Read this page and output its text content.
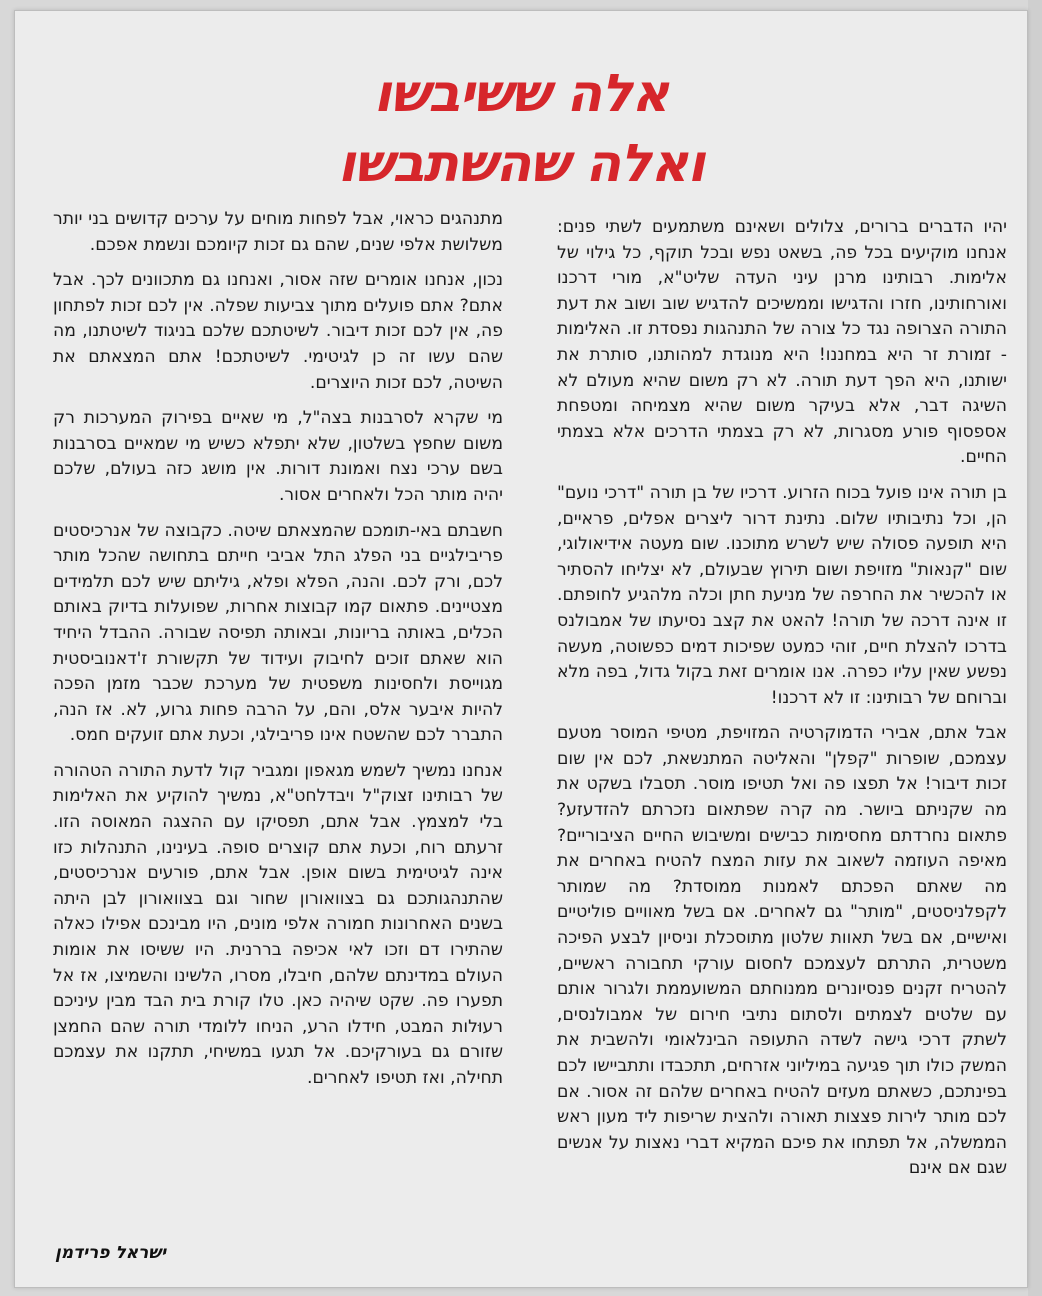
אלה ששיבשו
ואלה שהשתבשו

יהיו הדברים ברורים, צלולים ושאינם משתמעים לשתי פנים: אנחנו מוקיעים בכל פה, בשאט נפש ובכל תוקף, כל גילוי של אלימות. רבותינו מרנן עיני העדה שליט"א, מורי דרכנו ואורחותינו, חזרו והדגישו וממשיכים להדגיש שוב ושוב את דעת התורה הצרופה נגד כל צורה של התנהגות נפסדת זו. האלימות - זמורת זר היא במחננו! היא מנוגדת למהותנו, סותרת את ישותנו, היא הפך דעת תורה. לא רק משום שהיא מעולם לא השיגה דבר, אלא בעיקר משום שהיא מצמיחה ומטפחת אספסוף פורע מסגרות, לא רק בצמתי הדרכים אלא בצמתי החיים.

בן תורה אינו פועל בכוח הזרוע. דרכיו של בן תורה "דרכי נועם" הן, וכל נתיבותיו שלום. נתינת דרור ליצרים אפלים, פראיים, היא תופעה פסולה שיש לשרש מתוכנו. שום מעטה אידיאולוגי, שום "קנאות" מזויפת ושום תירוץ שבעולם, לא יצליחו להסתיר או להכשיר את החרפה של מניעת חתן וכלה מלהגיע לחופתם. זו אינה דרכה של תורה! להאט את קצב נסיעתו של אמבולנס בדרכו להצלת חיים, זוהי כמעט שפיכות דמים כפשוטה, מעשה נפשע שאין עליו כפרה. אנו אומרים זאת בקול גדול, בפה מלא וברוחם של רבותינו: זו לא דרכנו!

אבל אתם, אבירי הדמוקרטיה המזויפת, מטיפי המוסר מטעם עצמכם, שופרות "קפלן" והאליטה המתנשאת, לכם אין שום זכות דיבור! אל תפצו פה ואל תטיפו מוסר. תסבלו בשקט את מה שקניתם ביושר. מה קרה שפתאום נזכרתם להזדעזע? פתאום נחרדתם מחסימות כבישים ומשיבוש החיים הציבוריים? מאיפה העוזמה לשאוב את עזות המצח להטיח באחרים את מה שאתם הפכתם לאמנות ממוסדת? מה שמותר לקפלניסטים, "מותר" גם לאחרים. אם בשל מאוויים פוליטיים ואישיים, אם בשל תאוות שלטון מתוסכלת וניסיון לבצע הפיכה משטרית, התרתם לעצמכם לחסום עורקי תחבורה ראשיים, להטריח זקנים פנסיונרים ממנוחתם המשועממת ולגרור אותם עם שלטים לצמתים ולסתום נתיבי חירום של אמבולנסים, לשתק דרכי גישה לשדה התעופה הבינלאומי ולהשבית את המשק כולו תוך פגיעה במיליוני אזרחים, תתכבדו ותתביישו לכם בפינתכם, כשאתם מעזים להטיח באחרים שלהם זה אסור. אם לכם מותר לירות פצצות תאורה ולהצית שריפות ליד מעון ראש הממשלה, אל תפתחו את פיכם המקיא דברי נאצות על אנשים שגם אם אינם

מתנהגים כראוי, אבל לפחות מוחים על ערכים קדושים בני יותר משלושת אלפי שנים, שהם גם זכות קיומכם ונשמת אפכם.

נכון, אנחנו אומרים שזה אסור, ואנחנו גם מתכוונים לכך. אבל אתם? אתם פועלים מתוך צביעות שפלה. אין לכם זכות לפתחון פה, אין לכם זכות דיבור. לשיטתכם שלכם בניגוד לשיטתנו, מה שהם עשו זה כן לגיטימי. לשיטתכם! אתם המצאתם את השיטה, לכם זכות היוצרים.

מי שקרא לסרבנות בצה"ל, מי שאיים בפירוק המערכות רק משום שחפץ בשלטון, שלא יתפלא כשיש מי שמאיים בסרבנות בשם ערכי נצח ואמונת דורות. אין מושג כזה בעולם, שלכם יהיה מותר הכל ולאחרים אסור.

חשבתם באי-תומכם שהמצאתם שיטה. כקבוצה של אנרכיסטים פריבילגיים בני הפלג התל אביבי חייתם בתחושה שהכל מותר לכם, ורק לכם. והנה, הפלא ופלא, גיליתם שיש לכם תלמידים מצטיינים. פתאום קמו קבוצות אחרות, שפועלות בדיוק באותם הכלים, באותה בריונות, ובאותה תפיסה שבורה. ההבדל היחיד הוא שאתם זוכים לחיבוק ועידוד של תקשורת ז'דאנוביסטית מגוייסת ולחסינות משפטית של מערכת שכבר מזמן הפכה להיות איבער אלס, והם, על הרבה פחות גרוע, לא. אז הנה, התברר לכם שהשטח אינו פריבילגי, וכעת אתם זועקים חמס.

אנחנו נמשיך לשמש מגאפון ומגביר קול לדעת התורה הטהורה של רבותינו זצוק"ל ויבדלחט"א, נמשיך להוקיע את האלימות בלי למצמץ. אבל אתם, תפסיקו עם ההצגה המאוסה הזו. זרעתם רוח, וכעת אתם קוצרים סופה. בעינינו, התנהלות כזו אינה לגיטימית בשום אופן. אבל אתם, פורעים אנרכיסטים, שהתנהגותכם גם בצוואורון שחור וגם בצוואורון לבן היתה בשנים האחרונות חמורה אלפי מונים, היו מבינכם אפילו כאלה שהתירו דם וזכו לאי אכיפה בררנית. היו ששיסו את אומות העולם במדינתם שלהם, חיבלו, מסרו, הלשינו והשמיצו, אז אל תפערו פה. שקט שיהיה כאן. טלו קורת בית הבד מבין עיניכם רעוּלות המבט, חידלו הרע, הניחו ללומדי תורה שהם החמצן שזורם גם בעורקיכם. אל תגעו במשיחי, תתקנו את עצמכם תחילה, ואז תטיפו לאחרים.

ישראל פרידמן
